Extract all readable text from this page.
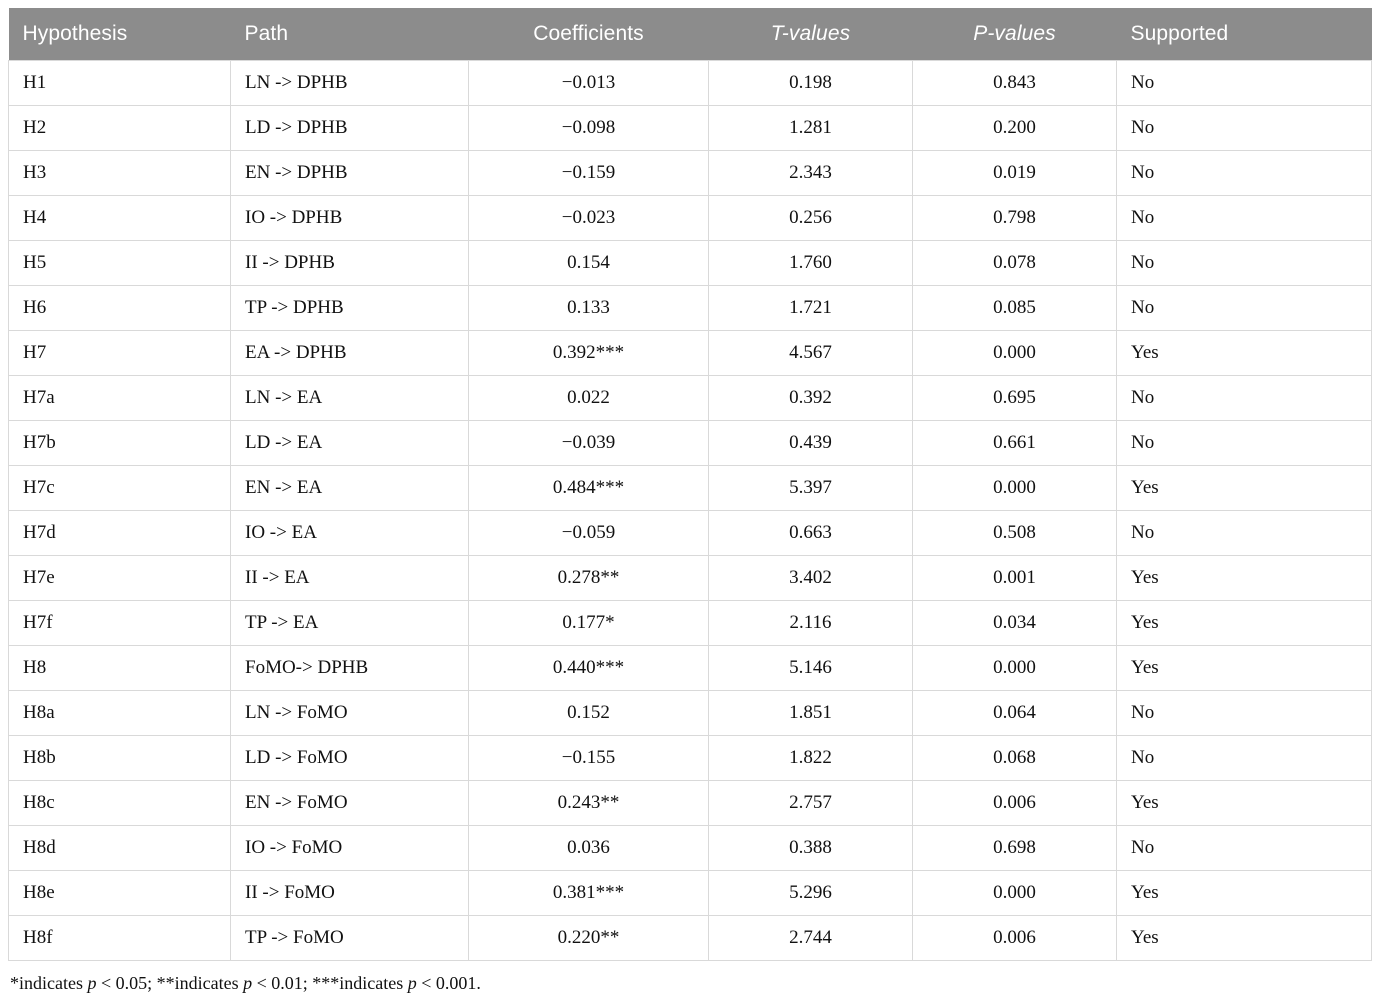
Hypothesis	Path	Coefficients	T-values	P-values	Supported
H1	LN -> DPHB	−0.013	0.198	0.843	No
H2	LD -> DPHB	−0.098	1.281	0.200	No
H3	EN -> DPHB	−0.159	2.343	0.019	No
H4	IO -> DPHB	−0.023	0.256	0.798	No
H5	II -> DPHB	0.154	1.760	0.078	No
H6	TP -> DPHB	0.133	1.721	0.085	No
H7	EA -> DPHB	0.392***	4.567	0.000	Yes
H7a	LN -> EA	0.022	0.392	0.695	No
H7b	LD -> EA	−0.039	0.439	0.661	No
H7c	EN -> EA	0.484***	5.397	0.000	Yes
H7d	IO -> EA	−0.059	0.663	0.508	No
H7e	II -> EA	0.278**	3.402	0.001	Yes
H7f	TP -> EA	0.177*	2.116	0.034	Yes
H8	FoMO-> DPHB	0.440***	5.146	0.000	Yes
H8a	LN -> FoMO	0.152	1.851	0.064	No
H8b	LD -> FoMO	−0.155	1.822	0.068	No
H8c	EN -> FoMO	0.243**	2.757	0.006	Yes
H8d	IO -> FoMO	0.036	0.388	0.698	No
H8e	II -> FoMO	0.381***	5.296	0.000	Yes
H8f	TP -> FoMO	0.220**	2.744	0.006	Yes
*indicates p < 0.05; **indicates p < 0.01; ***indicates p < 0.001.
